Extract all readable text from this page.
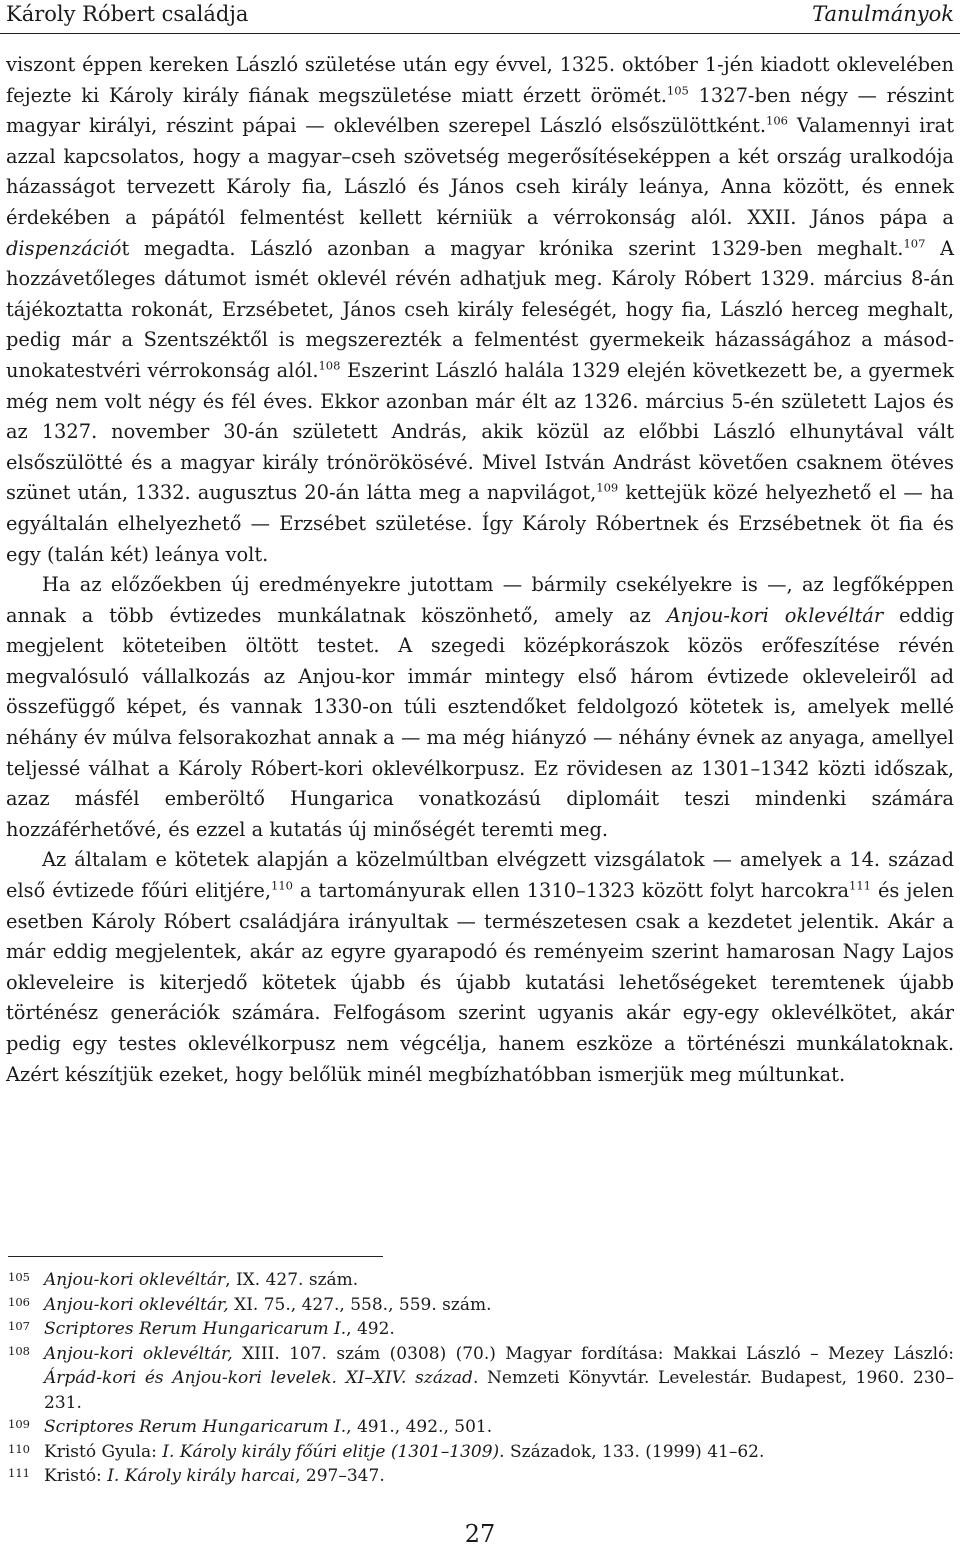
Károly Róbert családja	Tanulmányok

viszont éppen kereken László születése után egy évvel, 1325. október 1-jén kiadott oklevelében fejezte ki Károly király fiának megszületése miatt érzett örömét.$^{105}$ 1327-ben négy — részint magyar királyi, részint pápai — oklevélben szerepel László elsőszülöttként.$^{106}$ Valamennyi irat azzal kapcsolatos, hogy a magyar–cseh szövetség megerősítéseképpen a két ország uralkodója házasságot tervezett Károly fia, László és János cseh király leánya, Anna között, és ennek érdekében a pápától felmentést kellett kérniük a vérrokonság alól. XXII. János pápa a dispenzációt megadta. László azonban a magyar krónika szerint 1329-ben meghalt.$^{107}$ A hozzávetőleges dátumot ismét oklevél révén adhatjuk meg. Károly Róbert 1329. március 8-án tájékoztatta rokonát, Erzsébetet, János cseh király feleségét, hogy fia, László herceg meghalt, pedig már a Szentszéktől is megszerezték a felmentést gyermekeik házasságához a másod-unokatestvéri vérrokonság alól.$^{108}$ Eszerint László halála 1329 elején következett be, a gyermek még nem volt négy és fél éves. Ekkor azonban már élt az 1326. március 5-én született Lajos és az 1327. november 30-án született András, akik közül az előbbi László elhunytával vált elsőszülötté és a magyar király trónörökösévé. Mivel István Andrást követően csaknem ötéves szünet után, 1332. augusztus 20-án látta meg a napvilágot,$^{109}$ kettejük közé helyezhető el — ha egyáltalán elhelyezhető — Erzsébet születése. Így Károly Róbertnek és Erzsébetnek öt fia és egy (talán két) leánya volt.

Ha az előzőekben új eredményekre jutottam — bármily csekélyekre is —, az legfőképpen annak a több évtizedes munkálatnak köszönhető, amely az Anjou-kori oklevéltár eddig megjelent köteteiben öltött testet. A szegedi középkorászok közös erőfeszítése révén megvalósuló vállalkozás az Anjou-kor immár mintegy első három évtizede okleveleiről ad összefüggő képet, és vannak 1330-on túli esztendőket feldolgozó kötetek is, amelyek mellé néhány év múlva felsorakozhat annak a — ma még hiányzó — néhány évnek az anyaga, amellyel teljessé válhat a Károly Róbert-kori oklevélkorpusz. Ez rövidesen az 1301–1342 közti időszak, azaz másfél emberöltő Hungarica vonatkozású diplomáit teszi mindenki számára hozzáférhetővé, és ezzel a kutatás új minőségét teremti meg.

Az általam e kötetek alapján a közelmúltban elvégzett vizsgálatok — amelyek a 14. század első évtizede főúri elitjére,$^{110}$ a tartományurak ellen 1310–1323 között folyt harcokra$^{111}$ és jelen esetben Károly Róbert családjára irányultak — természetesen csak a kezdetet jelentik. Akár a már eddig megjelentek, akár az egyre gyarapodó és reményeim szerint hamarosan Nagy Lajos okleveleire is kiterjedő kötetek újabb és újabb kutatási lehetőségeket teremtenek újabb történész generációk számára. Felfogásom szerint ugyanis akár egy-egy oklevélkötet, akár pedig egy testes oklevélkorpusz nem végcélja, hanem eszköze a történészi munkálatoknak. Azért készítjük ezeket, hogy belőlük minél megbízhatóbban ismerjük meg múltunkat.

105 Anjou-kori oklevéltár, IX. 427. szám.
106 Anjou-kori oklevéltár, XI. 75., 427., 558., 559. szám.
107 Scriptores Rerum Hungaricarum I., 492.
108 Anjou-kori oklevéltár, XIII. 107. szám (0308) (70.) Magyar fordítása: Makkai László – Mezey László: Árpád-kori és Anjou-kori levelek. XI–XIV. század. Nemzeti Könyvtár. Levelestár. Budapest, 1960. 230–231.
109 Scriptores Rerum Hungaricarum I., 491., 492., 501.
110 Kristó Gyula: I. Károly király főúri elitje (1301–1309). Századok, 133. (1999) 41–62.
111 Kristó: I. Károly király harcai, 297–347.
27
